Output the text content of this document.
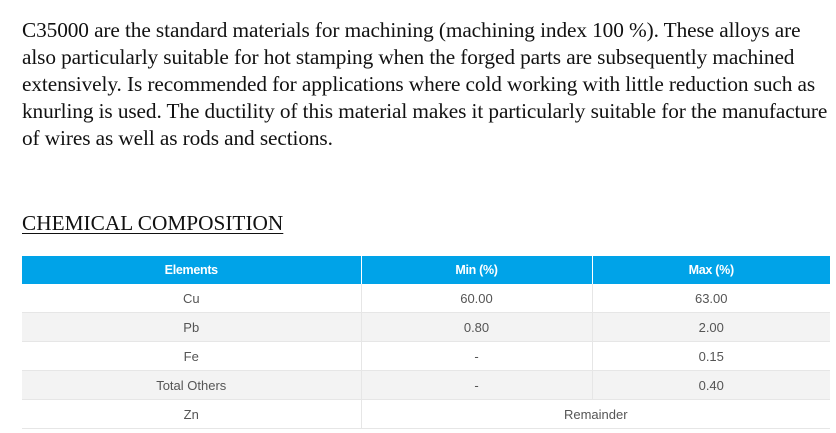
C35000 are the standard materials for machining (machining index 100 %). These alloys are also particularly suitable for hot stamping when the forged parts are subsequently machined extensively. Is recommended for applications where cold working with little reduction such as knurling is used. The ductility of this material makes it particularly suitable for the manufacture of wires as well as rods and sections.

CHEMICAL COMPOSITION
Elements	Min (%)	Max (%)
Cu	60.00	63.00
Pb	0.80	2.00
Fe	-	0.15
Total Others	-	0.40
Zn	Remainder	
